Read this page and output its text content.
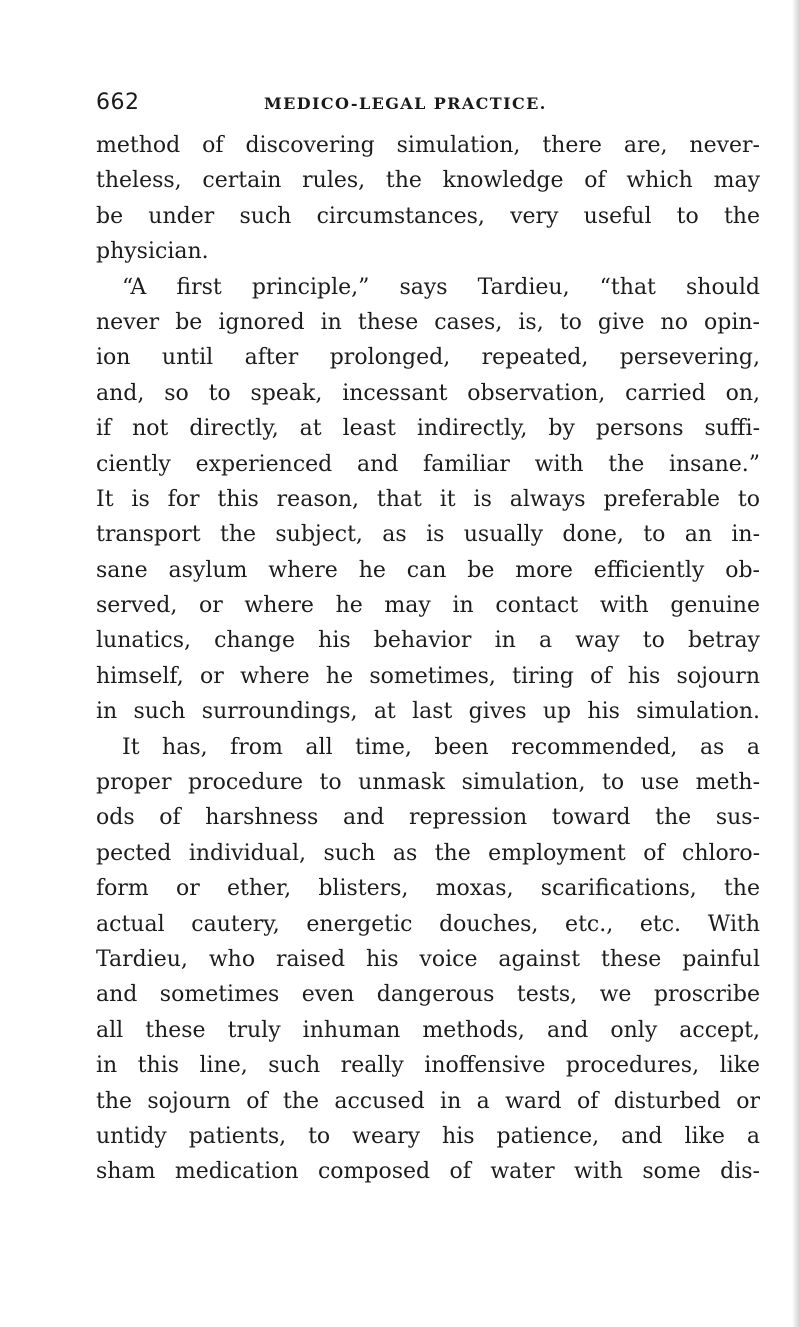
662	MEDICO-LEGAL PRACTICE.
method of discovering simulation, there are, never-
theless, certain rules, the knowledge of which may
be under such circumstances, very useful to the
physician.
“A first principle,” says Tardieu, “that should
never be ignored in these cases, is, to give no opin-
ion until after prolonged, repeated, persevering,
and, so to speak, incessant observation, carried on,
if not directly, at least indirectly, by persons suffi-
ciently experienced and familiar with the insane.”
It is for this reason, that it is always preferable to
transport the subject, as is usually done, to an in-
sane asylum where he can be more efficiently ob-
served, or where he may in contact with genuine
lunatics, change his behavior in a way to betray
himself, or where he sometimes, tiring of his sojourn
in such surroundings, at last gives up his simulation.
It has, from all time, been recommended, as a
proper procedure to unmask simulation, to use meth-
ods of harshness and repression toward the sus-
pected individual, such as the employment of chloro-
form or ether, blisters, moxas, scarifications, the
actual cautery, energetic douches, etc., etc. With
Tardieu, who raised his voice against these painful
and sometimes even dangerous tests, we proscribe
all these truly inhuman methods, and only accept,
in this line, such really inoffensive procedures, like
the sojourn of the accused in a ward of disturbed or
untidy patients, to weary his patience, and like a
sham medication composed of water with some dis-
